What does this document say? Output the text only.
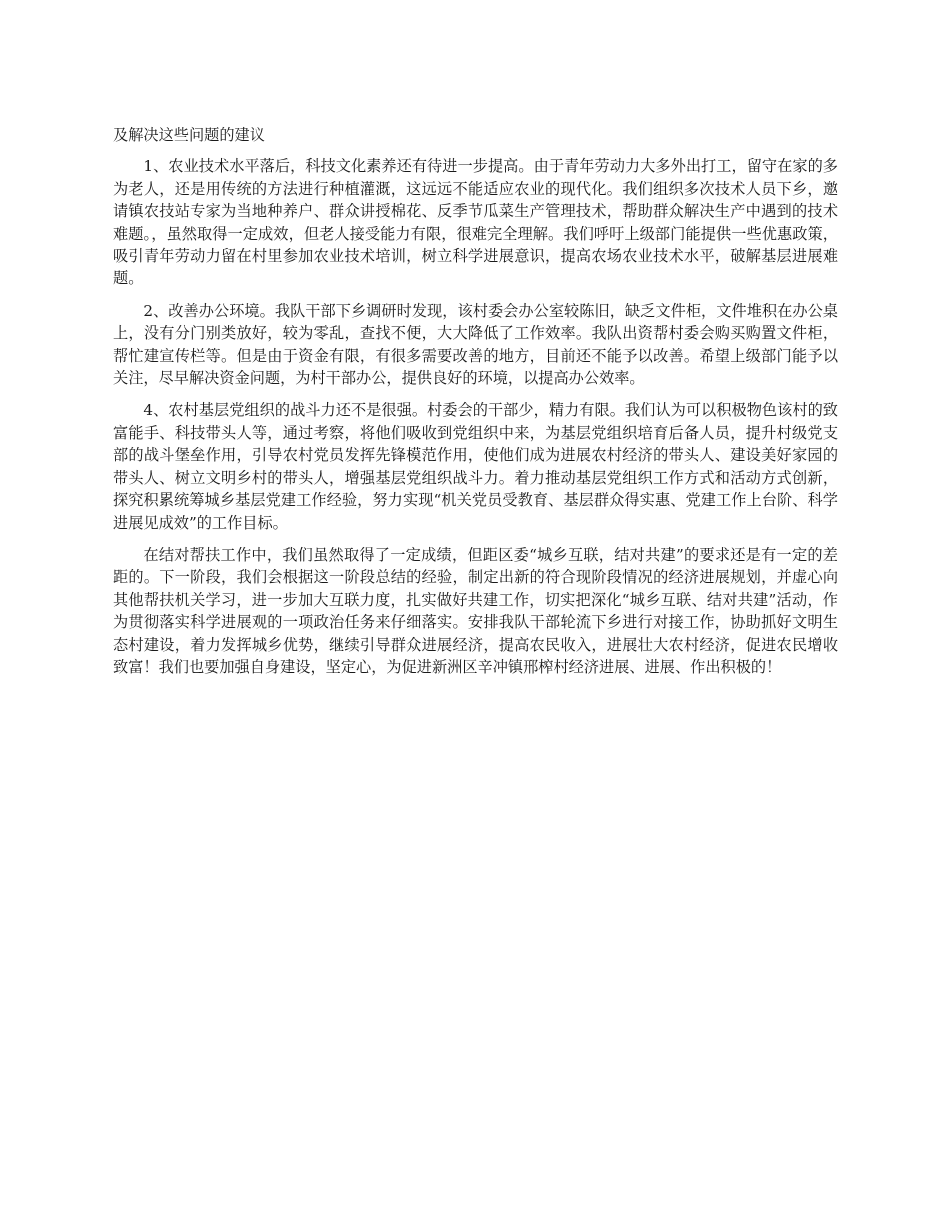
及解决这些问题的建议

1、农业技术水平落后，科技文化素养还有待进一步提高。由于青年劳动力大多外出打工，留守在家的多为老人，还是用传统的方法进行种植灌溉，这远远不能适应农业的现代化。我们组织多次技术人员下乡，邀请镇农技站专家为当地种养户、群众讲授棉花、反季节瓜菜生产管理技术，帮助群众解决生产中遇到的技术难题。，虽然取得一定成效，但老人接受能力有限，很难完全理解。我们呼吁上级部门能提供一些优惠政策，吸引青年劳动力留在村里参加农业技术培训，树立科学进展意识，提高农场农业技术水平，破解基层进展难题。

2、改善办公环境。我队干部下乡调研时发现，该村委会办公室较陈旧，缺乏文件柜，文件堆积在办公桌上，没有分门别类放好，较为零乱，查找不便，大大降低了工作效率。我队出资帮村委会购买购置文件柜，帮忙建宣传栏等。但是由于资金有限，有很多需要改善的地方，目前还不能予以改善。希望上级部门能予以关注，尽早解决资金问题，为村干部办公，提供良好的环境，以提高办公效率。

4、农村基层党组织的战斗力还不是很强。村委会的干部少，精力有限。我们认为可以积极物色该村的致富能手、科技带头人等，通过考察，将他们吸收到党组织中来，为基层党组织培育后备人员，提升村级党支部的战斗堡垒作用，引导农村党员发挥先锋模范作用，使他们成为进展农村经济的带头人、建设美好家园的带头人、树立文明乡村的带头人，增强基层党组织战斗力。着力推动基层党组织工作方式和活动方式创新，探究积累统筹城乡基层党建工作经验，努力实现“机关党员受教育、基层群众得实惠、党建工作上台阶、科学进展见成效”的工作目标。

在结对帮扶工作中，我们虽然取得了一定成绩，但距区委“城乡互联，结对共建”的要求还是有一定的差距的。下一阶段，我们会根据这一阶段总结的经验，制定出新的符合现阶段情况的经济进展规划，并虚心向其他帮扶机关学习，进一步加大互联力度，扎实做好共建工作，切实把深化“城乡互联、结对共建”活动，作为贯彻落实科学进展观的一项政治任务来仔细落实。安排我队干部轮流下乡进行对接工作，协助抓好文明生态村建设，着力发挥城乡优势，继续引导群众进展经济，提高农民收入，进展壮大农村经济，促进农民增收致富！我们也要加强自身建设，坚定心，为促进新洲区辛冲镇邢榨村经济进展、进展、作出积极的！
